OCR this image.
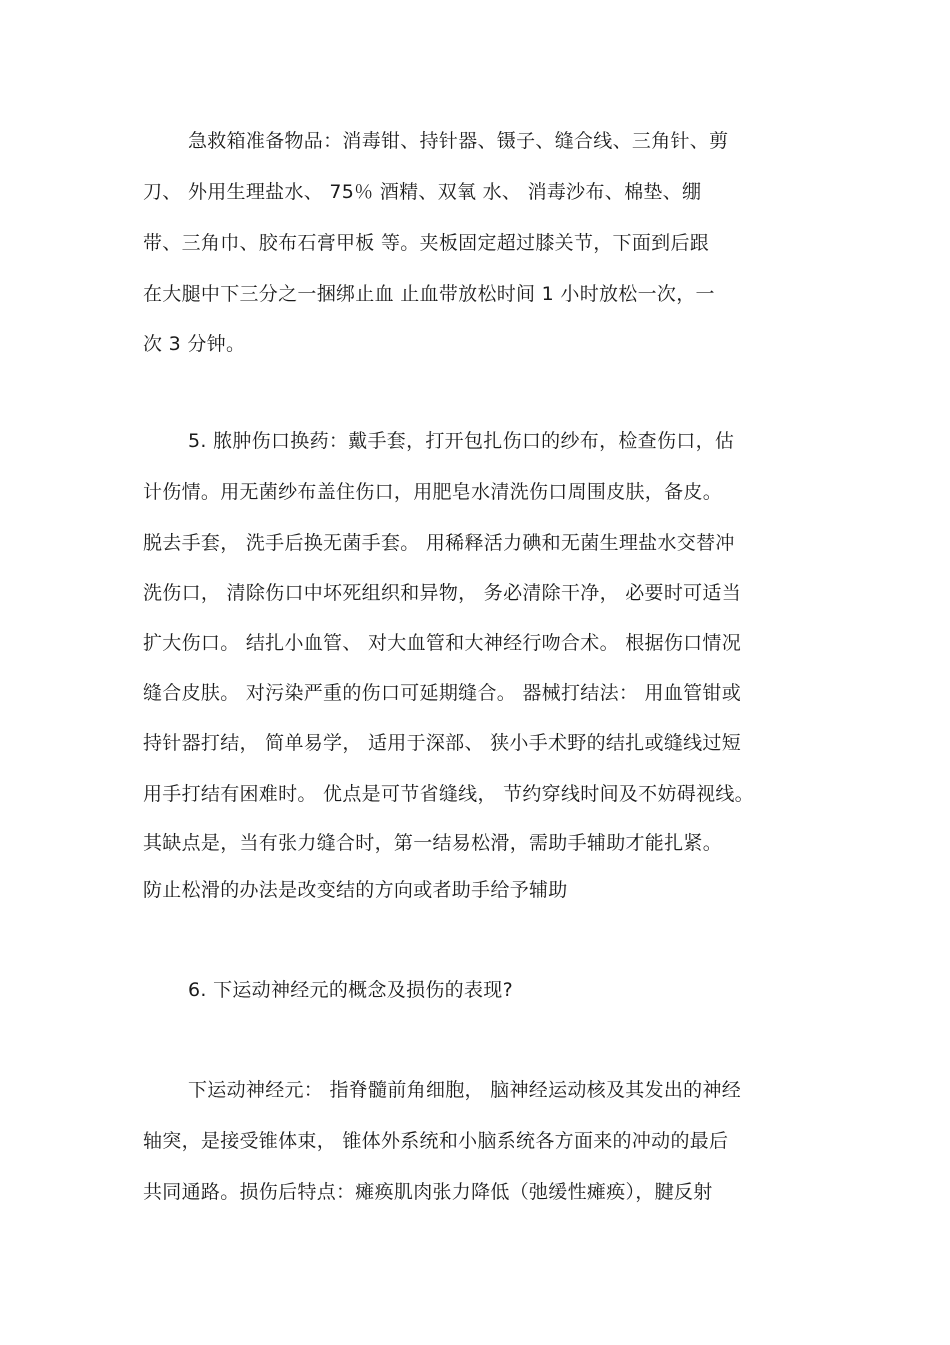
急救箱准备物品：消毒钳、持针器、镊子、缝合线、三角针、剪
刀、 外用生理盐水、 75％ 酒精、双氧 水、 消毒沙布、棉垫、绷
带、三角巾、胶布石膏甲板 等。夹板固定超过膝关节，下面到后跟
在大腿中下三分之一捆绑止血 止血带放松时间 1 小时放松一次，一
次 3 分钟。
5. 脓肿伤口换药：戴手套，打开包扎伤口的纱布，检查伤口，估
计伤情。用无菌纱布盖住伤口，用肥皂水清洗伤口周围皮肤，备皮。
脱去手套， 洗手后换无菌手套。 用稀释活力碘和无菌生理盐水交替冲
洗伤口， 清除伤口中坏死组织和异物， 务必清除干净， 必要时可适当
扩大伤口。 结扎小血管、 对大血管和大神经行吻合术。 根据伤口情况
缝合皮肤。 对污染严重的伤口可延期缝合。 器械打结法： 用血管钳或
持针器打结， 简单易学， 适用于深部、 狭小手术野的结扎或缝线过短
用手打结有困难时。 优点是可节省缝线， 节约穿线时间及不妨碍视线。
其缺点是，当有张力缝合时，第一结易松滑，需助手辅助才能扎紧。
防止松滑的办法是改变结的方向或者助手给予辅助
6. 下运动神经元的概念及损伤的表现?
下运动神经元： 指脊髓前角细胞， 脑神经运动核及其发出的神经
轴突，是接受锥体束， 锥体外系统和小脑系统各方面来的冲动的最后
共同通路。损伤后特点：瘫痪肌肉张力降低（弛缓性瘫痪），腱反射
